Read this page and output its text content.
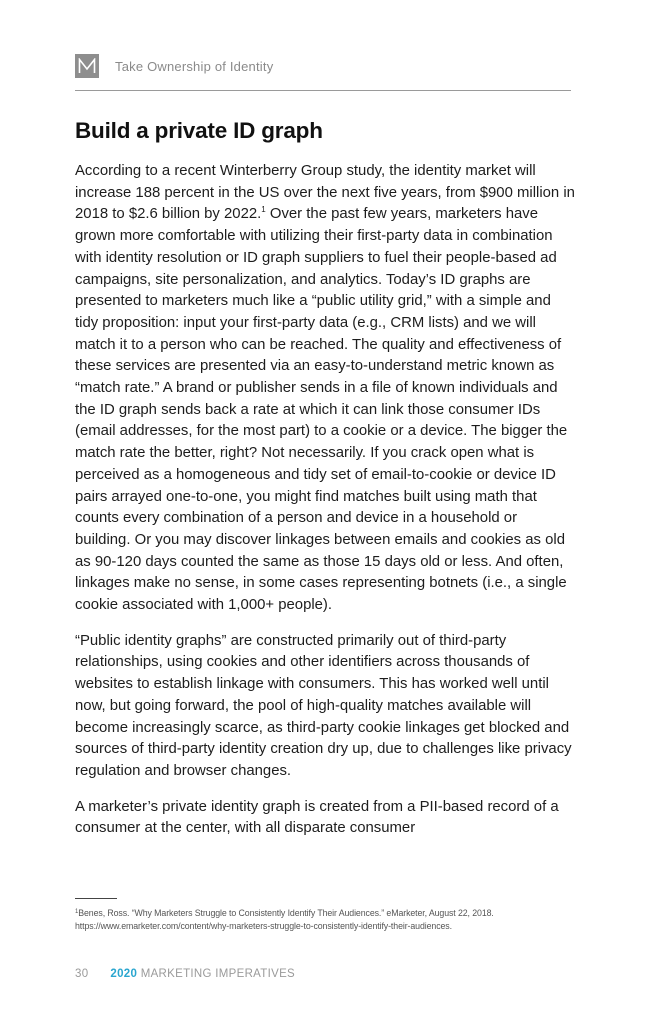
Take Ownership of Identity
Build a private ID graph

According to a recent Winterberry Group study, the identity market will increase 188 percent in the US over the next five years, from $900 million in 2018 to $2.6 billion by 2022.$^1$ Over the past few years, marketers have grown more comfortable with utilizing their first-party data in combination with identity resolution or ID graph suppliers to fuel their people-based ad campaigns, site personalization, and analytics. Today’s ID graphs are presented to marketers much like a “public utility grid,” with a simple and tidy proposition: input your first-party data (e.g., CRM lists) and we will match it to a person who can be reached. The quality and effectiveness of these services are presented via an easy-to-understand metric known as “match rate.” A brand or publisher sends in a file of known individuals and the ID graph sends back a rate at which it can link those consumer IDs (email addresses, for the most part) to a cookie or a device. The bigger the match rate the better, right? Not necessarily. If you crack open what is perceived as a homogeneous and tidy set of email-to-cookie or device ID pairs arrayed one-to-one, you might find matches built using math that counts every combination of a person and device in a household or building. Or you may discover linkages between emails and cookies as old as 90-120 days counted the same as those 15 days old or less. And often, linkages make no sense, in some cases representing botnets (i.e., a single cookie associated with 1,000+ people).

“Public identity graphs” are constructed primarily out of third-party relationships, using cookies and other identifiers across thousands of websites to establish linkage with consumers. This has worked well until now, but going forward, the pool of high-quality matches available will become increasingly scarce, as third-party cookie linkages get blocked and sources of third-party identity creation dry up, due to challenges like privacy regulation and browser changes.

A marketer’s private identity graph is created from a PII-based record of a consumer at the center, with all disparate consumer

$^1$Benes, Ross. “Why Marketers Struggle to Consistently Identify Their Audiences.” eMarketer, August 22, 2018.
https://www.emarketer.com/content/why-marketers-struggle-to-consistently-identify-their-audiences.
30 2020 MARKETING IMPERATIVES
